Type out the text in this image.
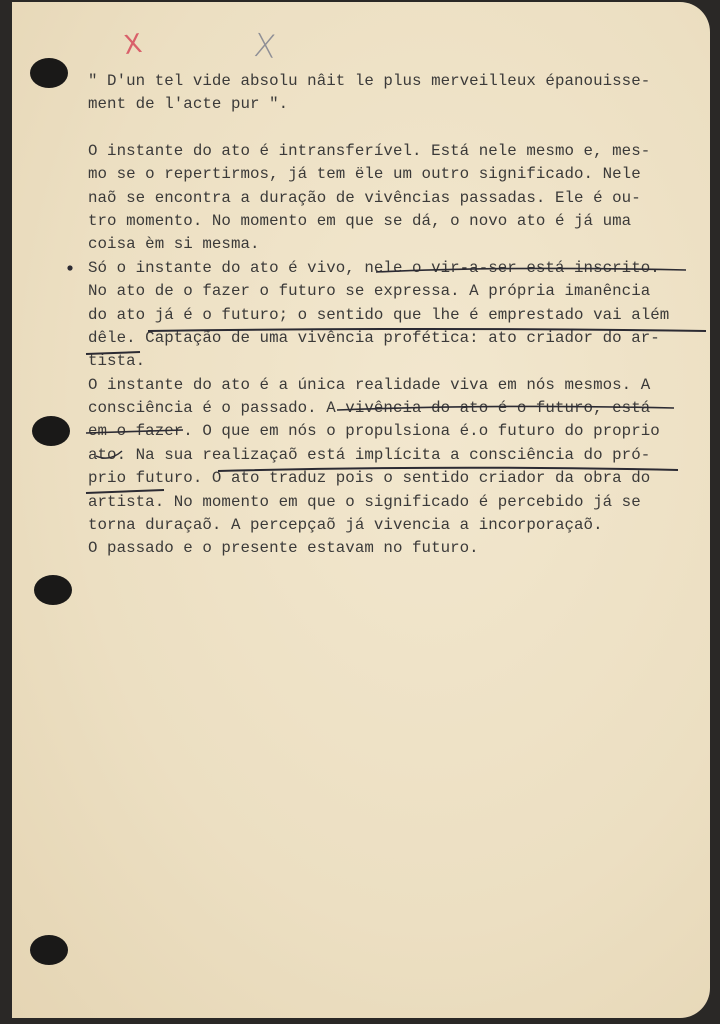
X	X
" D'un tel vide absolu nâit le plus merveilleux épanouisse-
ment de l'acte pur ".
O instante do ato é intransferível. Está nele mesmo e, mes-
mo se o repertirmos, já tem ële um outro significado. Nele
naõ se encontra a duração de vivências passadas. Ele é ou-
tro momento. No momento em que se dá, o novo ato é já uma
coisa èm si mesma.
Só o instante do ato é vivo, nele o vir-a-ser está inscrito.
No ato de o fazer o futuro se expressa. A própria imanência
do ato já é o futuro; o sentido que lhe é emprestado vai além
dêle. Captação de uma vivência profética: ato criador do ar-
tista.
O instante do ato é a única realidade viva em nós mesmos. A
consciência é o passado. A vivência do ato é o futuro, está
em o fazer. O que em nós o propulsiona é.o futuro do proprio
ato. Na sua realizaçaõ está implícita a consciência do pró-
prio futuro. O ato traduz pois o sentido criador da obra do
artista. No momento em que o significado é percebido já se
torna duraçaõ. A percepçaõ já vivencia a incorporaçaõ.
O passado e o presente estavam no futuro.
